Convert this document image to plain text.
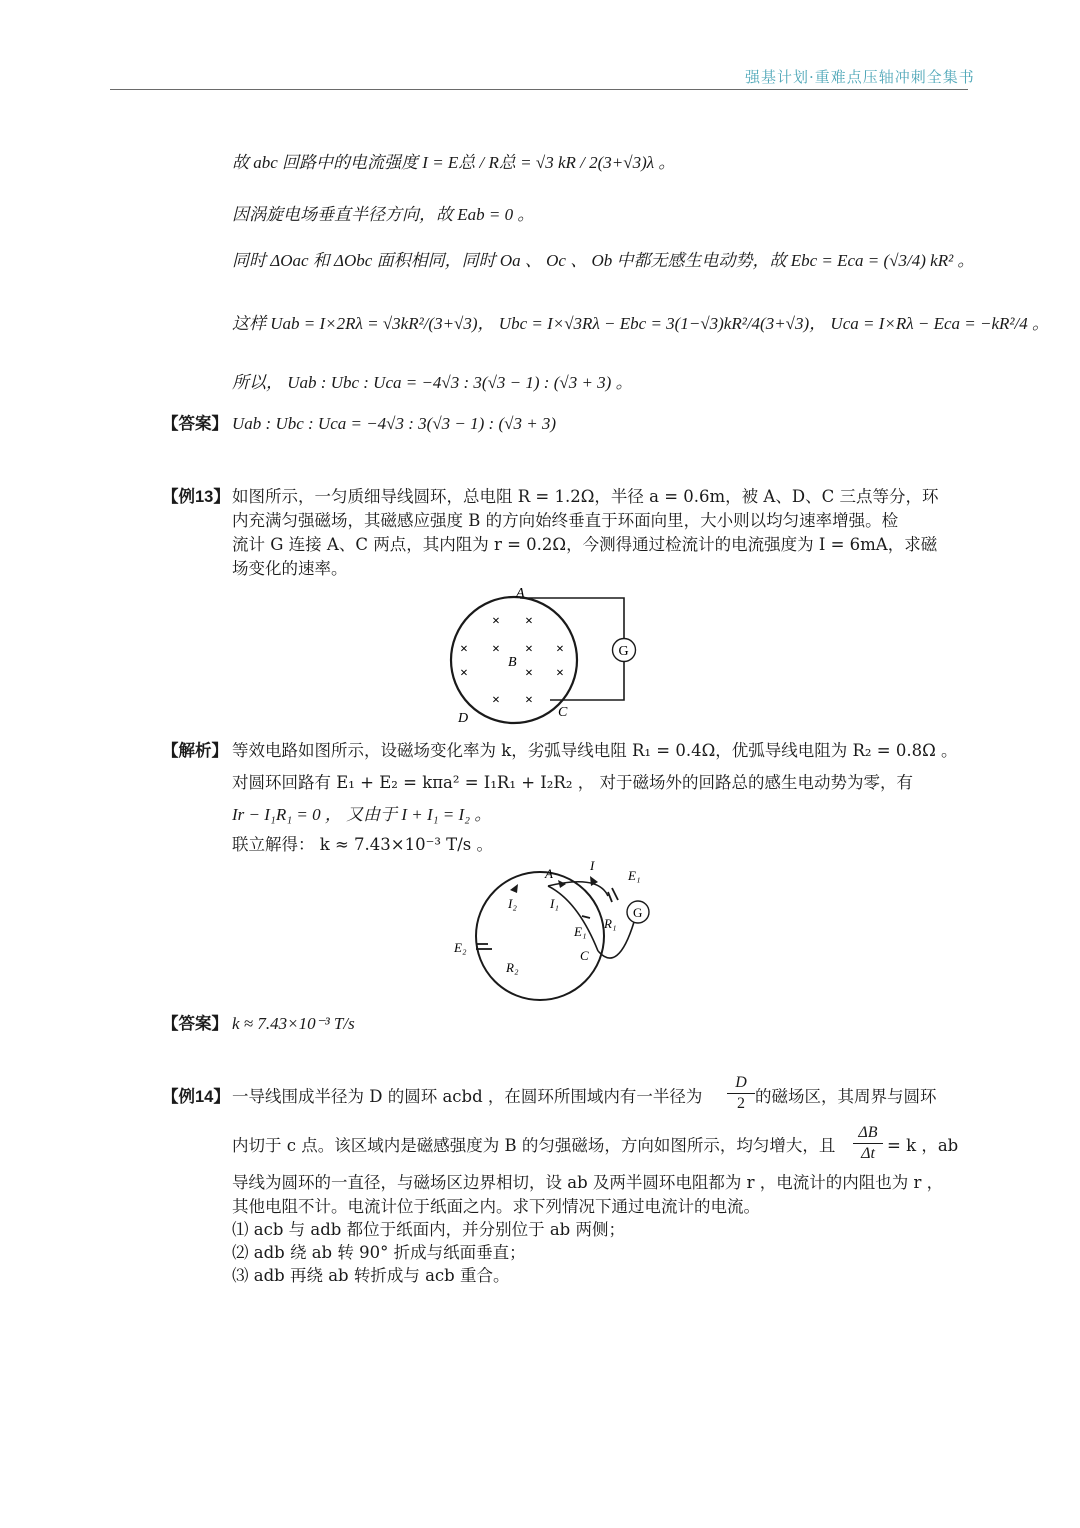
强基计划·重难点压轴冲刺全集书
故 abc 回路中的电流强度 I = E总 / R总 = √3 kR / 2(3+√3)λ 。
因涡旋电场垂直半径方向，故 Eab = 0 。
同时 ΔOac 和 ΔObc 面积相同，同时 Oa 、 Oc 、 Ob 中都无感生电动势，故 Ebc = Eca = (√3/4) kR² 。
这样 Uab = I×2Rλ = √3kR²/(3+√3)， Ubc = I×√3Rλ − Ebc = 3(1−√3)kR²/4(3+√3)， Uca = I×Rλ − Eca = −kR²/4 。
所以， Uab : Ubc : Uca = −4√3 : 3(√3 − 1) : (√3 + 3) 。
【答案】 Uab : Ubc : Uca = −4√3 : 3(√3 − 1) : (√3 + 3)
【例13】 如图所示，一匀质细导线圆环，总电阻 R = 1.2Ω，半径 a = 0.6m，被 A、D、C 三点等分，环
内充满匀强磁场，其磁感应强度 B 的方向始终垂直于环面向里，大小则以均匀速率增强。检
流计 G 连接 A、C 两点，其内阻为 r = 0.2Ω，今测得通过检流计的电流强度为 I = 6mA，求磁
场变化的速率。
G
A
B
C
D
× ×
× × × ×
×	× ×
× ×
【解析】 等效电路如图所示，设磁场变化率为 k，劣弧导线电阻 R₁ = 0.4Ω，优弧导线电阻为 R₂ = 0.8Ω 。
对圆环回路有 E₁ + E₂ = kπa² = I₁R₁ + I₂R₂ ， 对于磁场外的回路总的感生电动势为零，有
Ir − I₁R₁ = 0 ， 又由于 I + I₁ = I₂ 。
联立解得： k ≈ 7.43×10⁻³ T/s 。
G
A
I
E₁
I₂	I₁
E₁
R₁
C
E₂
R₂
【答案】 k ≈ 7.43×10⁻³ T/s
【例14】 一导线围成半径为 D 的圆环 acbd ，在圆环所围域内有一半径为 $\frac{D}{2}$ 的磁场区，其周界与圆环
内切于 c 点。该区域内是磁感强度为 B 的匀强磁场，方向如图所示，均匀增大，且 $\frac{\Delta B}{\Delta t} = k$ ，ab
导线为圆环的一直径，与磁场区边界相切，设 ab 及两半圆环电阻都为 r ，电流计的内阻也为 r ，
其他电阻不计。电流计位于纸面之内。求下列情况下通过电流计的电流。
⑴ acb 与 adb 都位于纸面内，并分别位于 ab 两侧；
⑵ adb 绕 ab 转 90° 折成与纸面垂直；
⑶ adb 再绕 ab 转折成与 acb 重合。
